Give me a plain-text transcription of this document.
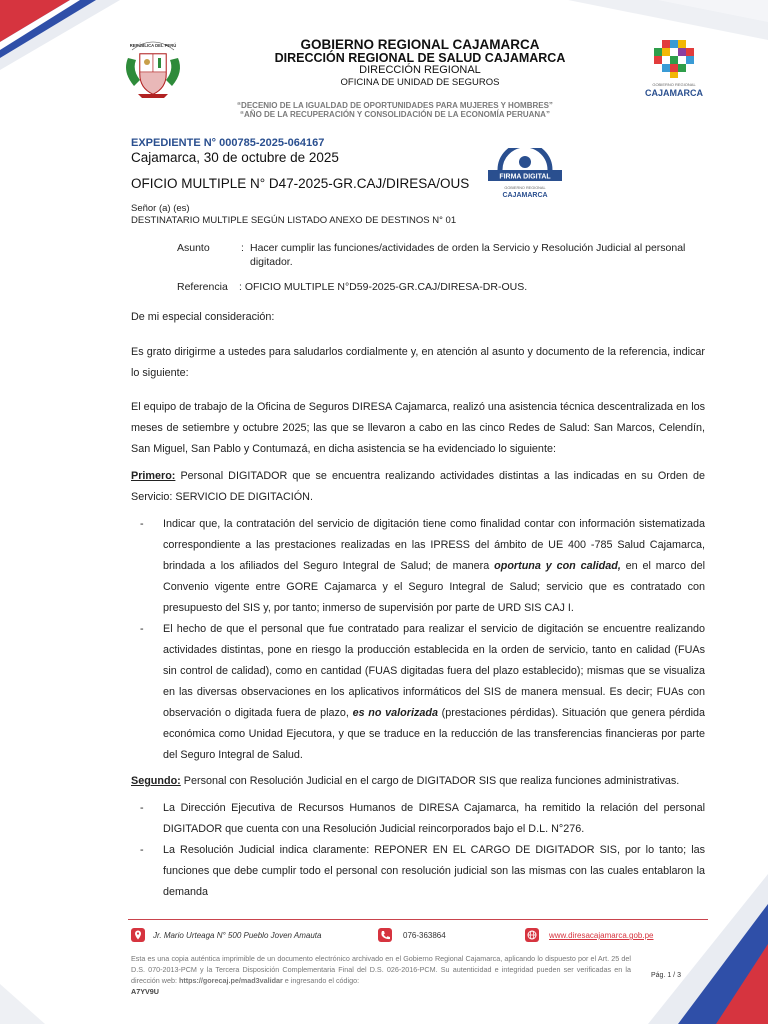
REPÚBLICA DEL PERÚ	GOBIERNO REGIONAL CAJAMARCA
DIRECCIÓN REGIONAL DE SALUD CAJAMARCA
DIRECCIÓN REGIONAL
OFICINA DE UNIDAD DE SEGUROS	GOBIERNO REGIONAL
CAJAMARCA
“DECENIO DE LA IGUALDAD DE OPORTUNIDADES PARA MUJERES Y HOMBRES”
“AÑO DE LA RECUPERACIÓN Y CONSOLIDACIÓN DE LA ECONOMÍA PERUANA”
FIRMA DIGITAL
GOBIERNO REGIONAL
CAJAMARCA
EXPEDIENTE N° 000785-2025-064167
Cajamarca, 30 de octubre de 2025
OFICIO MULTIPLE N° D47-2025-GR.CAJ/DIRESA/OUS
Señor (a) (es)
DESTINATARIO MULTIPLE SEGÚN LISTADO ANEXO DE DESTINOS N° 01
Asunto	: Hacer cumplir las funciones/actividades de orden la Servicio y Resolución Judicial al personal digitador.
Referencia : OFICIO MULTIPLE N°D59-2025-GR.CAJ/DIRESA-DR-OUS.
De mi especial consideración:
Es grato dirigirme a ustedes para saludarlos cordialmente y, en atención al asunto y documento de la referencia, indicar lo siguiente:
El equipo de trabajo de la Oficina de Seguros DIRESA Cajamarca, realizó una asistencia técnica descentralizada en los meses de setiembre y octubre 2025; las que se llevaron a cabo en las cinco Redes de Salud: San Marcos, Celendín, San Miguel, San Pablo y Contumazá, en dicha asistencia se ha evidenciado lo siguiente:
Primero: Personal DIGITADOR que se encuentra realizando actividades distintas a las indicadas en su Orden de Servicio: SERVICIO DE DIGITACIÓN.
- Indicar que, la contratación del servicio de digitación tiene como finalidad contar con información sistematizada correspondiente a las prestaciones realizadas en las IPRESS del ámbito de UE 400 -785 Salud Cajamarca, brindada a los afiliados del Seguro Integral de Salud; de manera oportuna y con calidad, en el marco del Convenio vigente entre GORE Cajamarca y el Seguro Integral de Salud; servicio que es contratado con presupuesto del SIS y, por tanto; inmerso de supervisión por parte de URD SIS CAJ I.
- El hecho de que el personal que fue contratado para realizar el servicio de digitación se encuentre realizando actividades distintas, pone en riesgo la producción establecida en la orden de servicio, tanto en calidad (FUAs sin control de calidad), como en cantidad (FUAS digitadas fuera del plazo establecido); mismas que se visualiza en las diversas observaciones en los aplicativos informáticos del SIS de manera mensual. Es decir; FUAs con observación o digitada fuera de plazo, es no valorizada (prestaciones pérdidas). Situación que genera pérdida económica como Unidad Ejecutora, y que se traduce en la reducción de las transferencias financieras por parte del Seguro Integral de Salud.
Segundo: Personal con Resolución Judicial en el cargo de DIGITADOR SIS que realiza funciones administrativas.
- La Dirección Ejecutiva de Recursos Humanos de DIRESA Cajamarca, ha remitido la relación del personal DIGITADOR que cuenta con una Resolución Judicial reincorporados bajo el D.L. N°276.
- La Resolución Judicial indica claramente: REPONER EN EL CARGO DE DIGITADOR SIS, por lo tanto; las funciones que debe cumplir todo el personal con resolución judicial son las mismas con las cuales entablaron la demanda
Jr. Mario Urteaga N° 500 Pueblo Joven Amauta	076-363864	www.diresacajamarca.gob.pe
Esta es una copia auténtica imprimible de un documento electrónico archivado en el Gobierno Regional Cajamarca, aplicando lo dispuesto por el Art. 25 del D.S. 070-2013-PCM y la Tercera Disposición Complementaria Final del D.S. 026-2016-PCM. Su autenticidad e integridad pueden ser verificadas en la dirección web: https://gorecaj.pe/mad3validar e ingresando el código:
A7YV9U
Pág. 1 / 3
